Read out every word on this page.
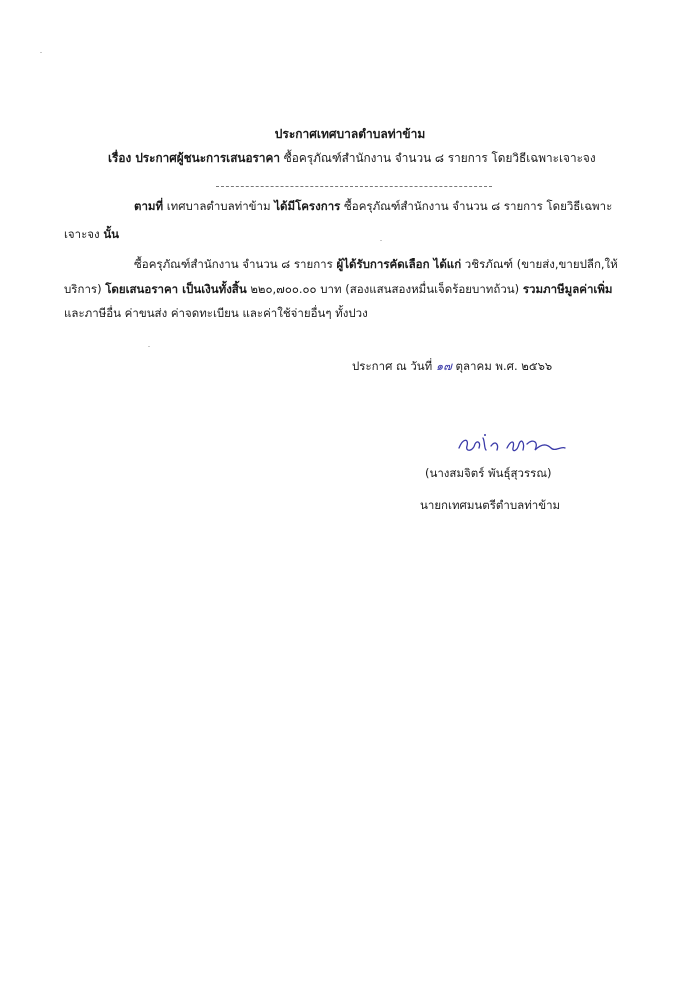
ประกาศเทศบาลตำบลท่าข้าม
เรื่อง ประกาศผู้ชนะการเสนอราคา ซื้อครุภัณฑ์สำนักงาน จำนวน ๘ รายการ โดยวิธีเฉพาะเจาะจง
ตามที่ เทศบาลตำบลท่าข้าม ได้มีโครงการ ซื้อครุภัณฑ์สำนักงาน จำนวน ๘ รายการ โดยวิธีเฉพาะ
เจาะจง นั้น
ซื้อครุภัณฑ์สำนักงาน จำนวน ๘ รายการ ผู้ได้รับการคัดเลือก ได้แก่ วชิรภัณฑ์ (ขายส่ง,ขายปลีก,ให้
บริการ) โดยเสนอราคา เป็นเงินทั้งสิ้น ๒๒๐,๗๐๐.๐๐ บาท (สองแสนสองหมื่นเจ็ดร้อยบาทถ้วน) รวมภาษีมูลค่าเพิ่ม
และภาษีอื่น ค่าขนส่ง ค่าจดทะเบียน และค่าใช้จ่ายอื่นๆ ทั้งปวง
ประกาศ ณ วันที่ ๑๗ ตุลาคม พ.ศ. ๒๕๖๖
(นางสมจิตร์ พันธุ์สุวรรณ)
นายกเทศมนตรีตำบลท่าข้าม
